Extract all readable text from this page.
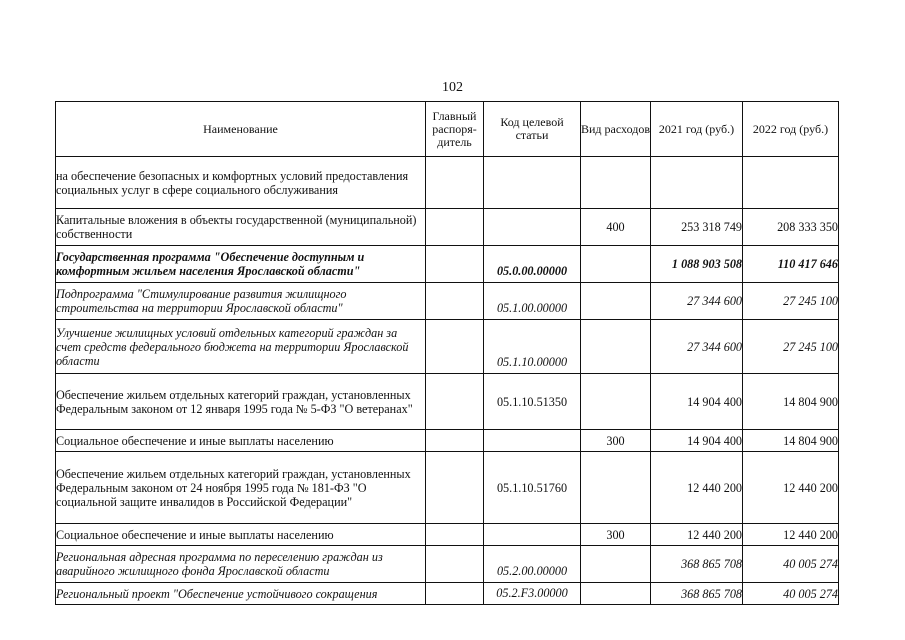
102
Наименование	Главный распоря-дитель	Код целевой статьи	Вид расходов	2021 год (руб.)	2022 год (руб.)
на обеспечение безопасных и комфортных условий предоставления социальных услуг в сфере социального обслуживания					
Капитальные вложения в объекты государственной (муниципальной) собственности			400	253 318 749	208 333 350
Государственная программа "Обеспечение доступным и комфортным жильем населения Ярославской области"		05.0.00.00000		1 088 903 508	110 417 646
Подпрограмма "Стимулирование развития жилищного строительства на территории Ярославской области"		05.1.00.00000		27 344 600	27 245 100
Улучшение жилищных условий отдельных категорий граждан за счет средств федерального бюджета на территории Ярославской области		05.1.10.00000		27 344 600	27 245 100
Обеспечение жильем отдельных категорий граждан, установленных Федеральным законом от 12 января 1995 года № 5-ФЗ "О ветеранах"		05.1.10.51350		14 904 400	14 804 900
Социальное обеспечение и иные выплаты населению			300	14 904 400	14 804 900
Обеспечение жильем отдельных категорий граждан, установленных Федеральным законом от 24 ноября 1995 года № 181-ФЗ "О социальной защите инвалидов в Российской Федерации"		05.1.10.51760		12 440 200	12 440 200
Социальное обеспечение и иные выплаты населению			300	12 440 200	12 440 200
Региональная адресная программа по переселению граждан из аварийного жилищного фонда Ярославской области		05.2.00.00000		368 865 708	40 005 274
Региональный проект "Обеспечение устойчивого сокращения		05.2.F3.00000		368 865 708	40 005 274
